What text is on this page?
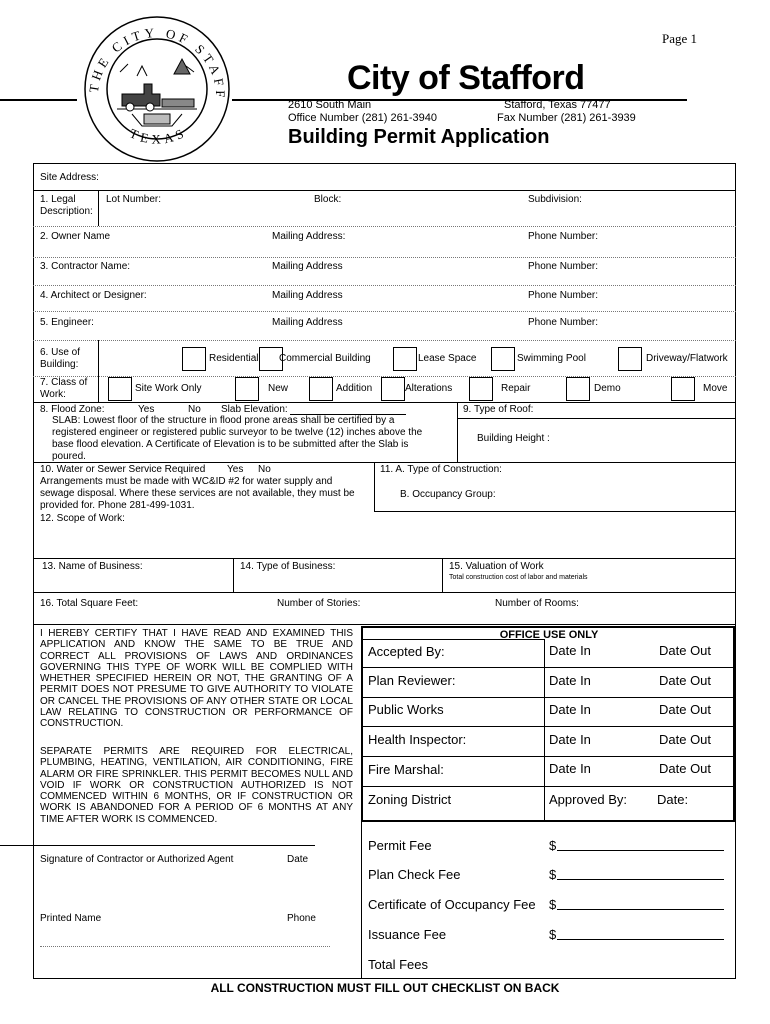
Page 1
THE CITY OF STAFF
TEXAS
City of Stafford
2610 South Main	Stafford, Texas 77477
Office Number (281) 261-3940	Fax Number (281) 261-3939
Building Permit Application
Site Address:
1. Legal Description:
Lot Number:	Block:	Subdivision:
2. Owner Name	Mailing Address:	Phone Number:
3. Contractor Name:	Mailing Address	Phone Number:
4. Architect or Designer:	Mailing Address	Phone Number:
5. Engineer:	Mailing Address	Phone Number:
6. Use of Building:
Residential Commercial Building	Lease Space	Swimming Pool	Driveway/Flatwork
7. Class of Work:
Site Work Only	New	Addition	Alterations	Repair	Demo	Move
8. Flood Zone:	Yes	No Slab Elevation:
SLAB: Lowest floor of the structure in flood prone areas shall be certified by a registered engineer or registered public surveyor to be twelve (12) inches above the base flood elevation. A Certificate of Elevation is to be submitted after the Slab is poured.
9. Type of Roof:
Building Height :
10. Water or Sewer Service Required Yes No
Arrangements must be made with WC&ID #2 for water supply and sewage disposal. Where these services are not available, they must be provided for. Phone 281-499-1031.
11. A. Type of Construction:
B. Occupancy Group:
12. Scope of Work:
13. Name of Business:	14. Type of Business:	15. Valuation of Work
Total construction cost of labor and materials
16. Total Square Feet:	Number of Stories:	Number of Rooms:
I HEREBY CERTIFY THAT I HAVE READ AND EXAMINED THIS APPLICATION AND KNOW THE SAME TO BE TRUE AND CORRECT ALL PROVISIONS OF LAWS AND ORDINANCES GOVERNING THIS TYPE OF WORK WILL BE COMPLIED WITH WHETHER SPECIFIED HEREIN OR NOT, THE GRANTING OF A PERMIT DOES NOT PRESUME TO GIVE AUTHORITY TO VIOLATE OR CANCEL THE PROVISIONS OF ANY OTHER STATE OR LOCAL LAW RELATING TO CONSTRUCTION OR PERFORMANCE OF CONSTRUCTION.
SEPARATE PERMITS ARE REQUIRED FOR ELECTRICAL, PLUMBING, HEATING, VENTILATION, AIR CONDITIONING, FIRE ALARM OR FIRE SPRINKLER. THIS PERMIT BECOMES NULL AND VOID IF WORK OR CONSTRUCTION AUTHORIZED IS NOT COMMENCED WITHIN 6 MONTHS, OR IF CONSTRUCTION OR WORK IS ABANDONED FOR A PERIOD OF 6 MONTHS AT ANY TIME AFTER WORK IS COMMENCED.
OFFICE USE ONLY
Accepted By:	Date In	Date Out
Plan Reviewer:	Date In	Date Out
Public Works	Date In	Date Out
Health Inspector:	Date In	Date Out
Fire Marshal:	Date In	Date Out
Zoning District	Approved By: Date:
Permit Fee	$
Plan Check Fee	$
Certificate of Occupancy Fee $
Issuance Fee	$
Total Fees
Signature of Contractor or Authorized Agent	Date
Printed Name	Phone
ALL CONSTRUCTION MUST FILL OUT CHECKLIST ON BACK
